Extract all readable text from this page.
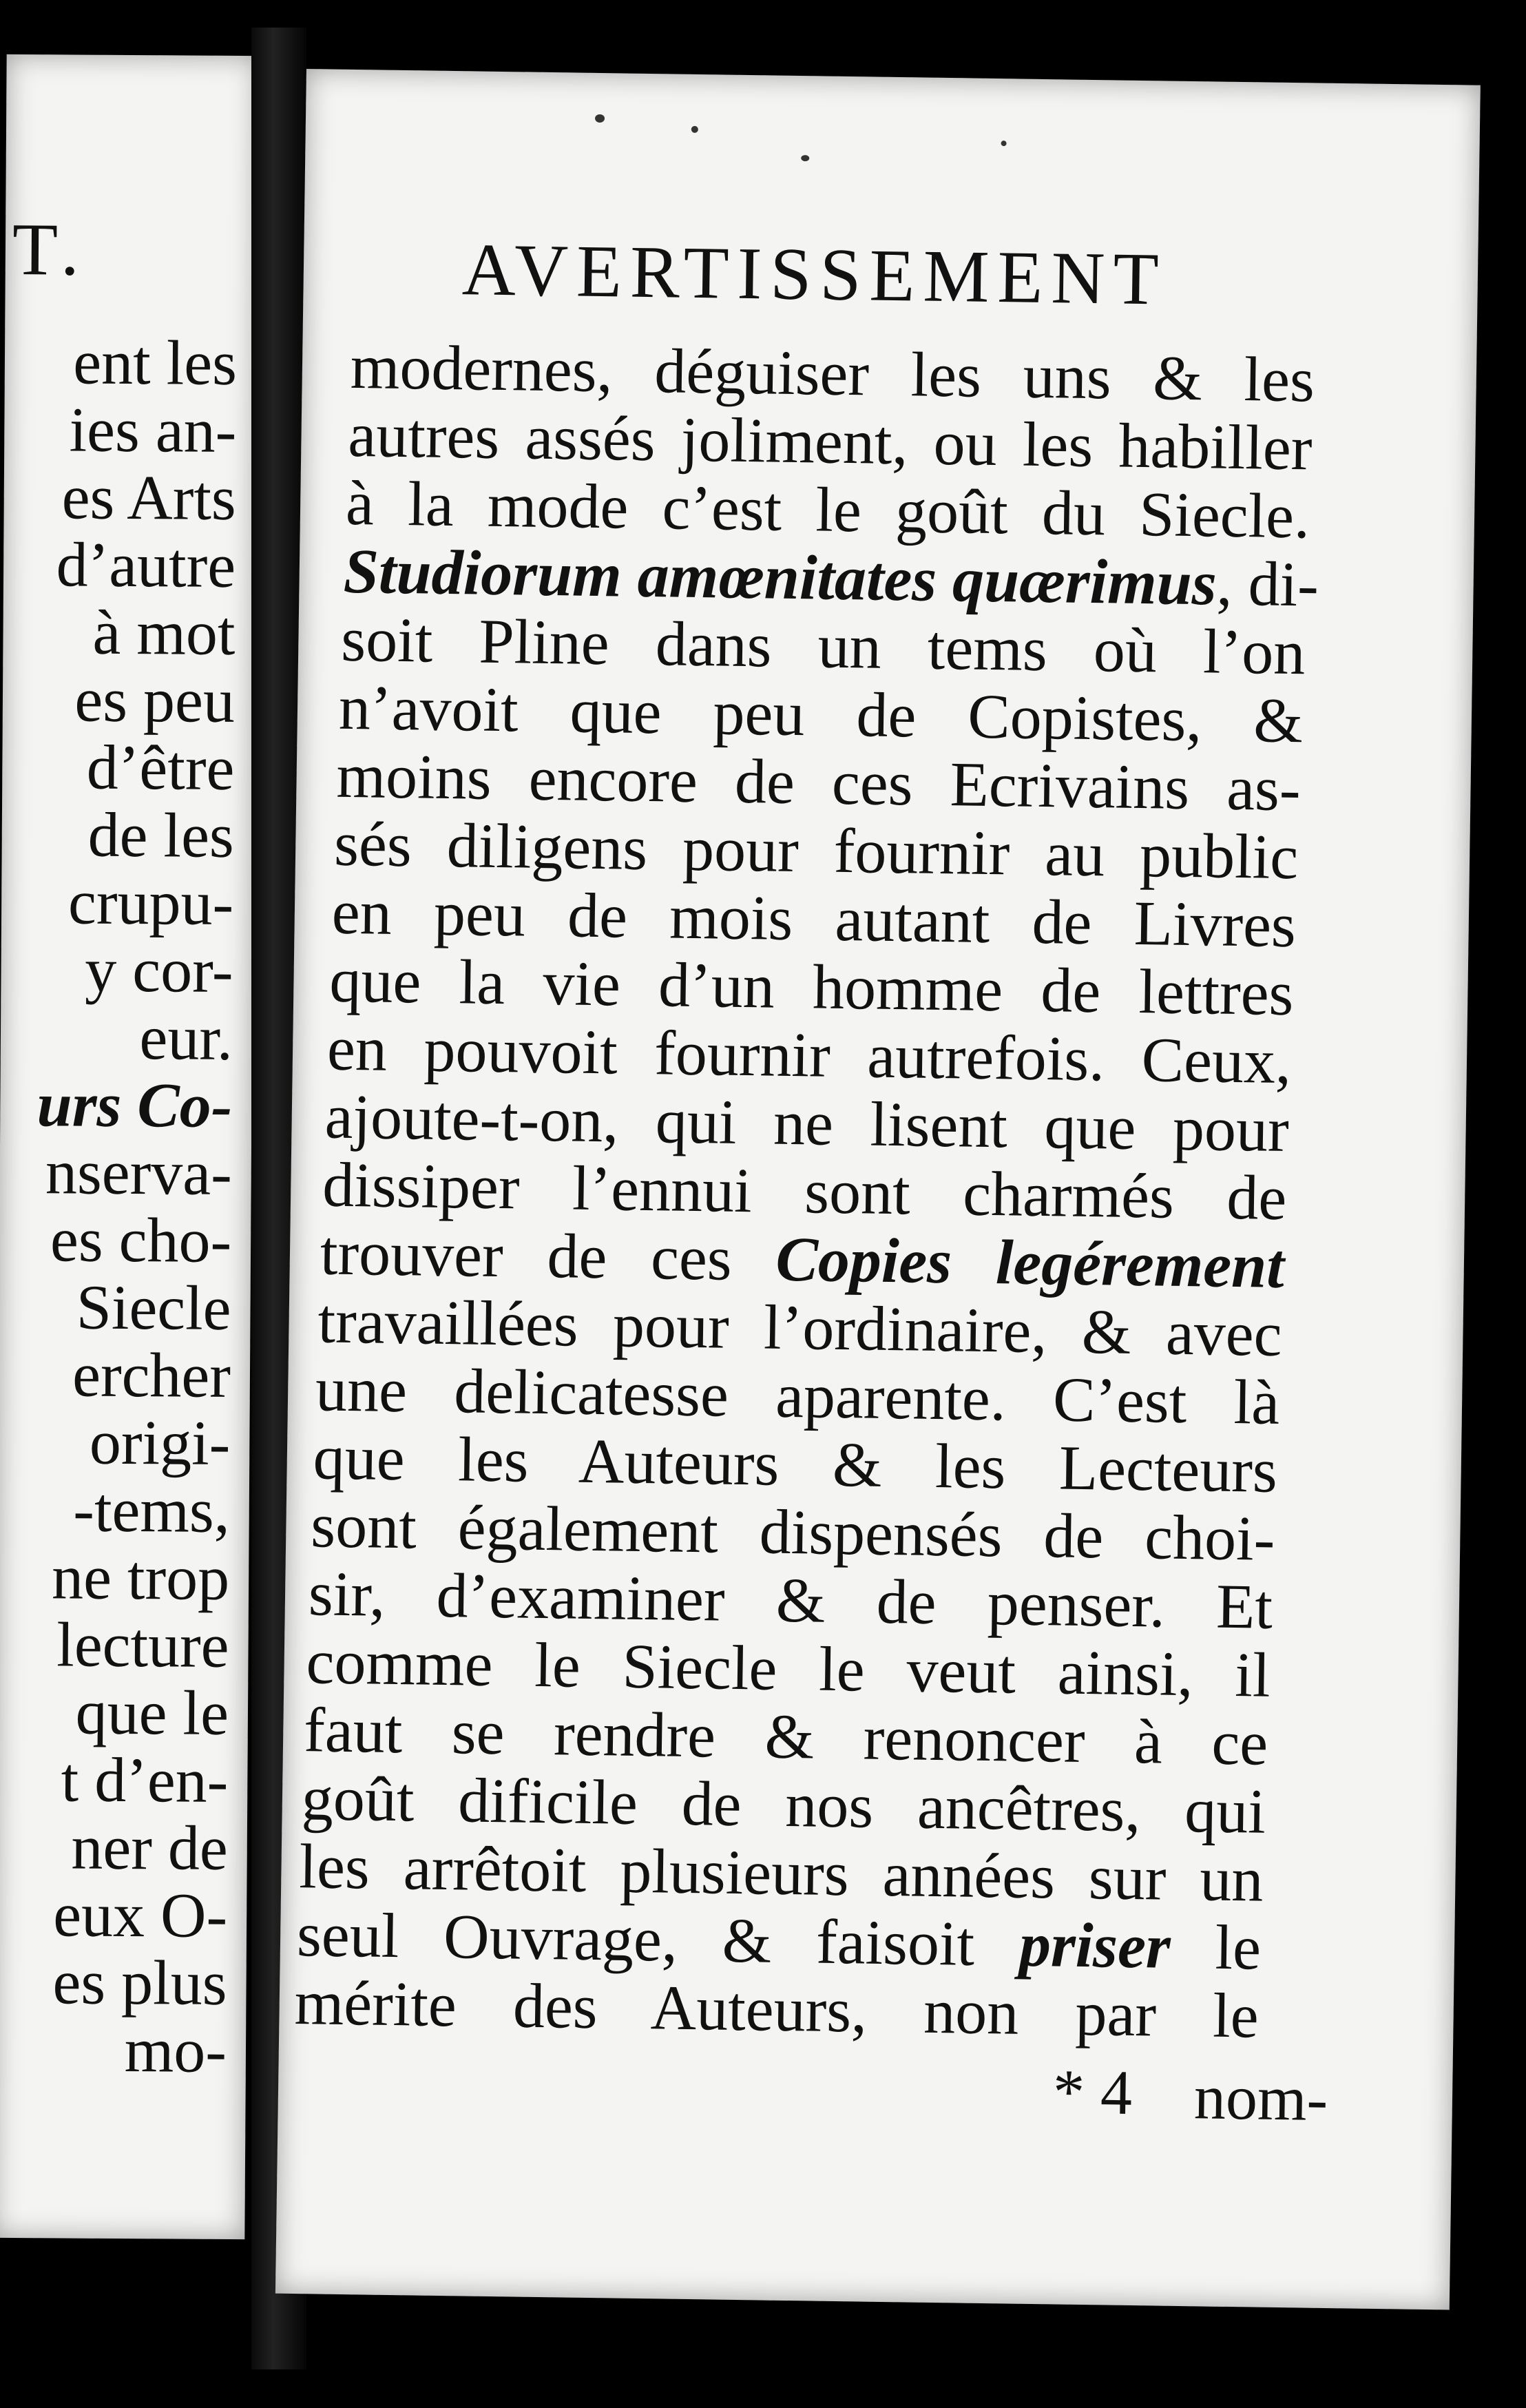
T.
ent les
ies an-
es Arts
d’autre
à mot
es peu
d’être
de les
crupu-
y cor-
eur.
urs Co-
nserva-
es cho-
Siecle
ercher
origi-
-tems,
ne trop
lecture
que le
t d’en-
ner de
eux O-
es plus
mo-
AVERTISSEMENT
modernes, déguiser les uns & les
autres assés joliment, ou les habiller
à la mode c’est le goût du Siecle.
Studiorum amœnitates quærimus, di-
soit Pline dans un tems où l’on
n’avoit que peu de Copistes, &
moins encore de ces Ecrivains as-
sés diligens pour fournir au public
en peu de mois autant de Livres
que la vie d’un homme de lettres
en pouvoit fournir autrefois. Ceux,
ajoute-t-on, qui ne lisent que pour
dissiper l’ennui sont charmés de
trouver de ces Copies legérement
travaillées pour l’ordinaire, & avec
une delicatesse aparente. C’est là
que les Auteurs & les Lecteurs
sont également dispensés de choi-
sir, d’examiner & de penser. Et
comme le Siecle le veut ainsi, il
faut se rendre & renoncer à ce
goût dificile de nos ancêtres, qui
les arrêtoit plusieurs années sur un
seul Ouvrage, & faisoit priser le
mérite des Auteurs, non par le
* 4 nom-
